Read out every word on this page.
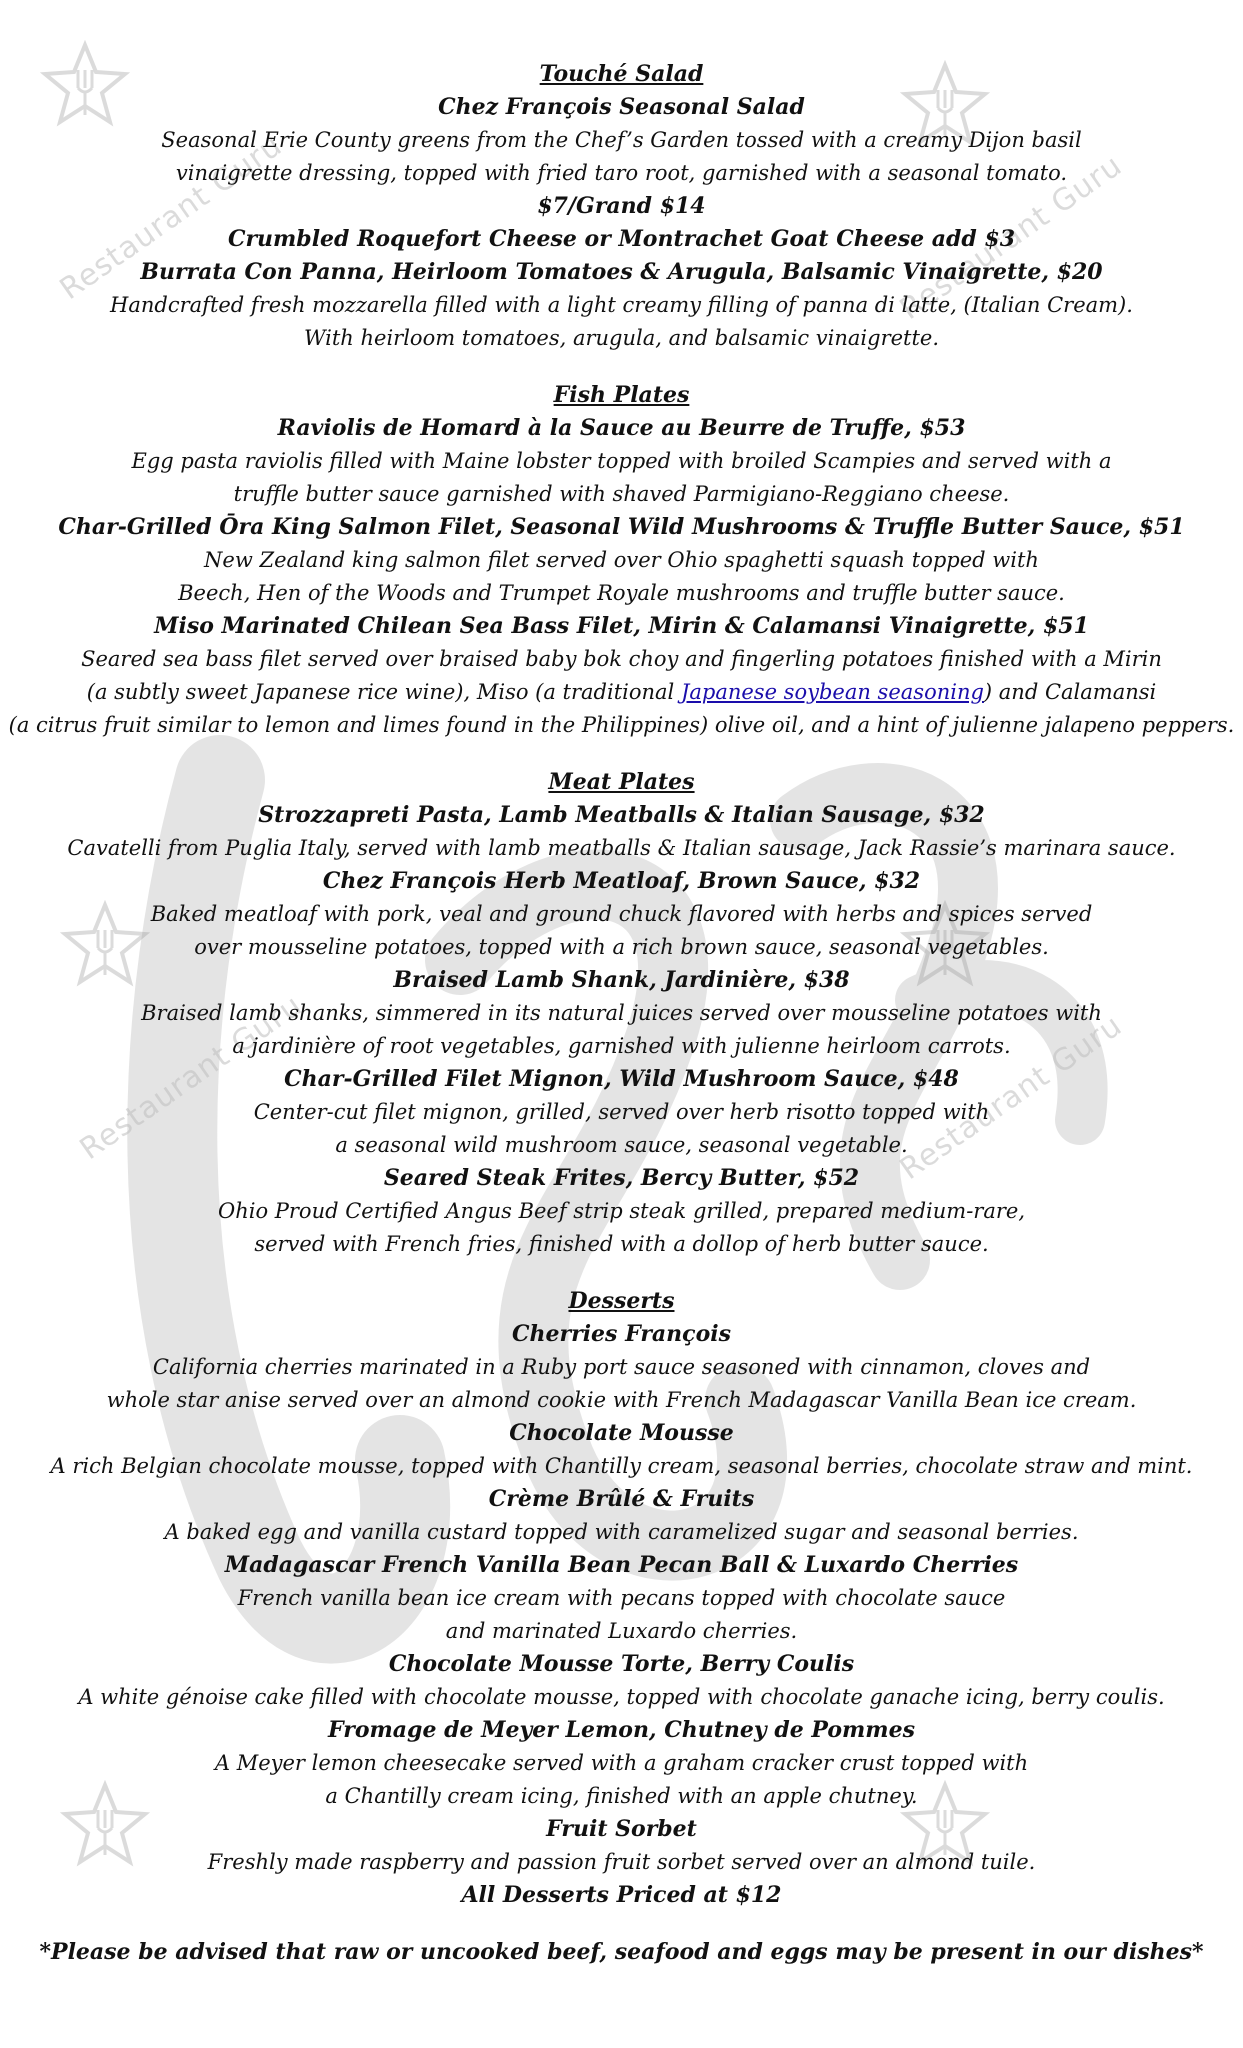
Restaurant Guru	Restaurant Guru
Restaurant Guru	Restaurant Guru
Touché Salad
Chez François Seasonal Salad
Seasonal Erie County greens from the Chef’s Garden tossed with a creamy Dijon basil
vinaigrette dressing, topped with fried taro root, garnished with a seasonal tomato.
$7/Grand $14
Crumbled Roquefort Cheese or Montrachet Goat Cheese add $3
Burrata Con Panna, Heirloom Tomatoes & Arugula, Balsamic Vinaigrette, $20
Handcrafted fresh mozzarella filled with a light creamy filling of panna di latte, (Italian Cream).
With heirloom tomatoes, arugula, and balsamic vinaigrette.
Fish Plates
Raviolis de Homard à la Sauce au Beurre de Truffe, $53
Egg pasta raviolis filled with Maine lobster topped with broiled Scampies and served with a
truffle butter sauce garnished with shaved Parmigiano-Reggiano cheese.
Char-Grilled Ōra King Salmon Filet, Seasonal Wild Mushrooms & Truffle Butter Sauce, $51
New Zealand king salmon filet served over Ohio spaghetti squash topped with
Beech, Hen of the Woods and Trumpet Royale mushrooms and truffle butter sauce.
Miso Marinated Chilean Sea Bass Filet, Mirin & Calamansi Vinaigrette, $51
Seared sea bass filet served over braised baby bok choy and fingerling potatoes finished with a Mirin
(a subtly sweet Japanese rice wine), Miso (a traditional Japanese soybean seasoning) and Calamansi
(a citrus fruit similar to lemon and limes found in the Philippines) olive oil, and a hint of julienne jalapeno peppers.
Meat Plates
Strozzapreti Pasta, Lamb Meatballs & Italian Sausage, $32
Cavatelli from Puglia Italy, served with lamb meatballs & Italian sausage, Jack Rassie’s marinara sauce.
Chez François Herb Meatloaf, Brown Sauce, $32
Baked meatloaf with pork, veal and ground chuck flavored with herbs and spices served
over mousseline potatoes, topped with a rich brown sauce, seasonal vegetables.
Braised Lamb Shank, Jardinière, $38
Braised lamb shanks, simmered in its natural juices served over mousseline potatoes with
a jardinière of root vegetables, garnished with julienne heirloom carrots.
Char-Grilled Filet Mignon, Wild Mushroom Sauce, $48
Center-cut filet mignon, grilled, served over herb risotto topped with
a seasonal wild mushroom sauce, seasonal vegetable.
Seared Steak Frites, Bercy Butter, $52
Ohio Proud Certified Angus Beef strip steak grilled, prepared medium-rare,
served with French fries, finished with a dollop of herb butter sauce.
Desserts
Cherries François
California cherries marinated in a Ruby port sauce seasoned with cinnamon, cloves and
whole star anise served over an almond cookie with French Madagascar Vanilla Bean ice cream.
Chocolate Mousse
A rich Belgian chocolate mousse, topped with Chantilly cream, seasonal berries, chocolate straw and mint.
Crème Brûlé & Fruits
A baked egg and vanilla custard topped with caramelized sugar and seasonal berries.
Madagascar French Vanilla Bean Pecan Ball & Luxardo Cherries
French vanilla bean ice cream with pecans topped with chocolate sauce
and marinated Luxardo cherries.
Chocolate Mousse Torte, Berry Coulis
A white génoise cake filled with chocolate mousse, topped with chocolate ganache icing, berry coulis.
Fromage de Meyer Lemon, Chutney de Pommes
A Meyer lemon cheesecake served with a graham cracker crust topped with
a Chantilly cream icing, finished with an apple chutney.
Fruit Sorbet
Freshly made raspberry and passion fruit sorbet served over an almond tuile.
All Desserts Priced at $12
*Please be advised that raw or uncooked beef, seafood and eggs may be present in our dishes*
